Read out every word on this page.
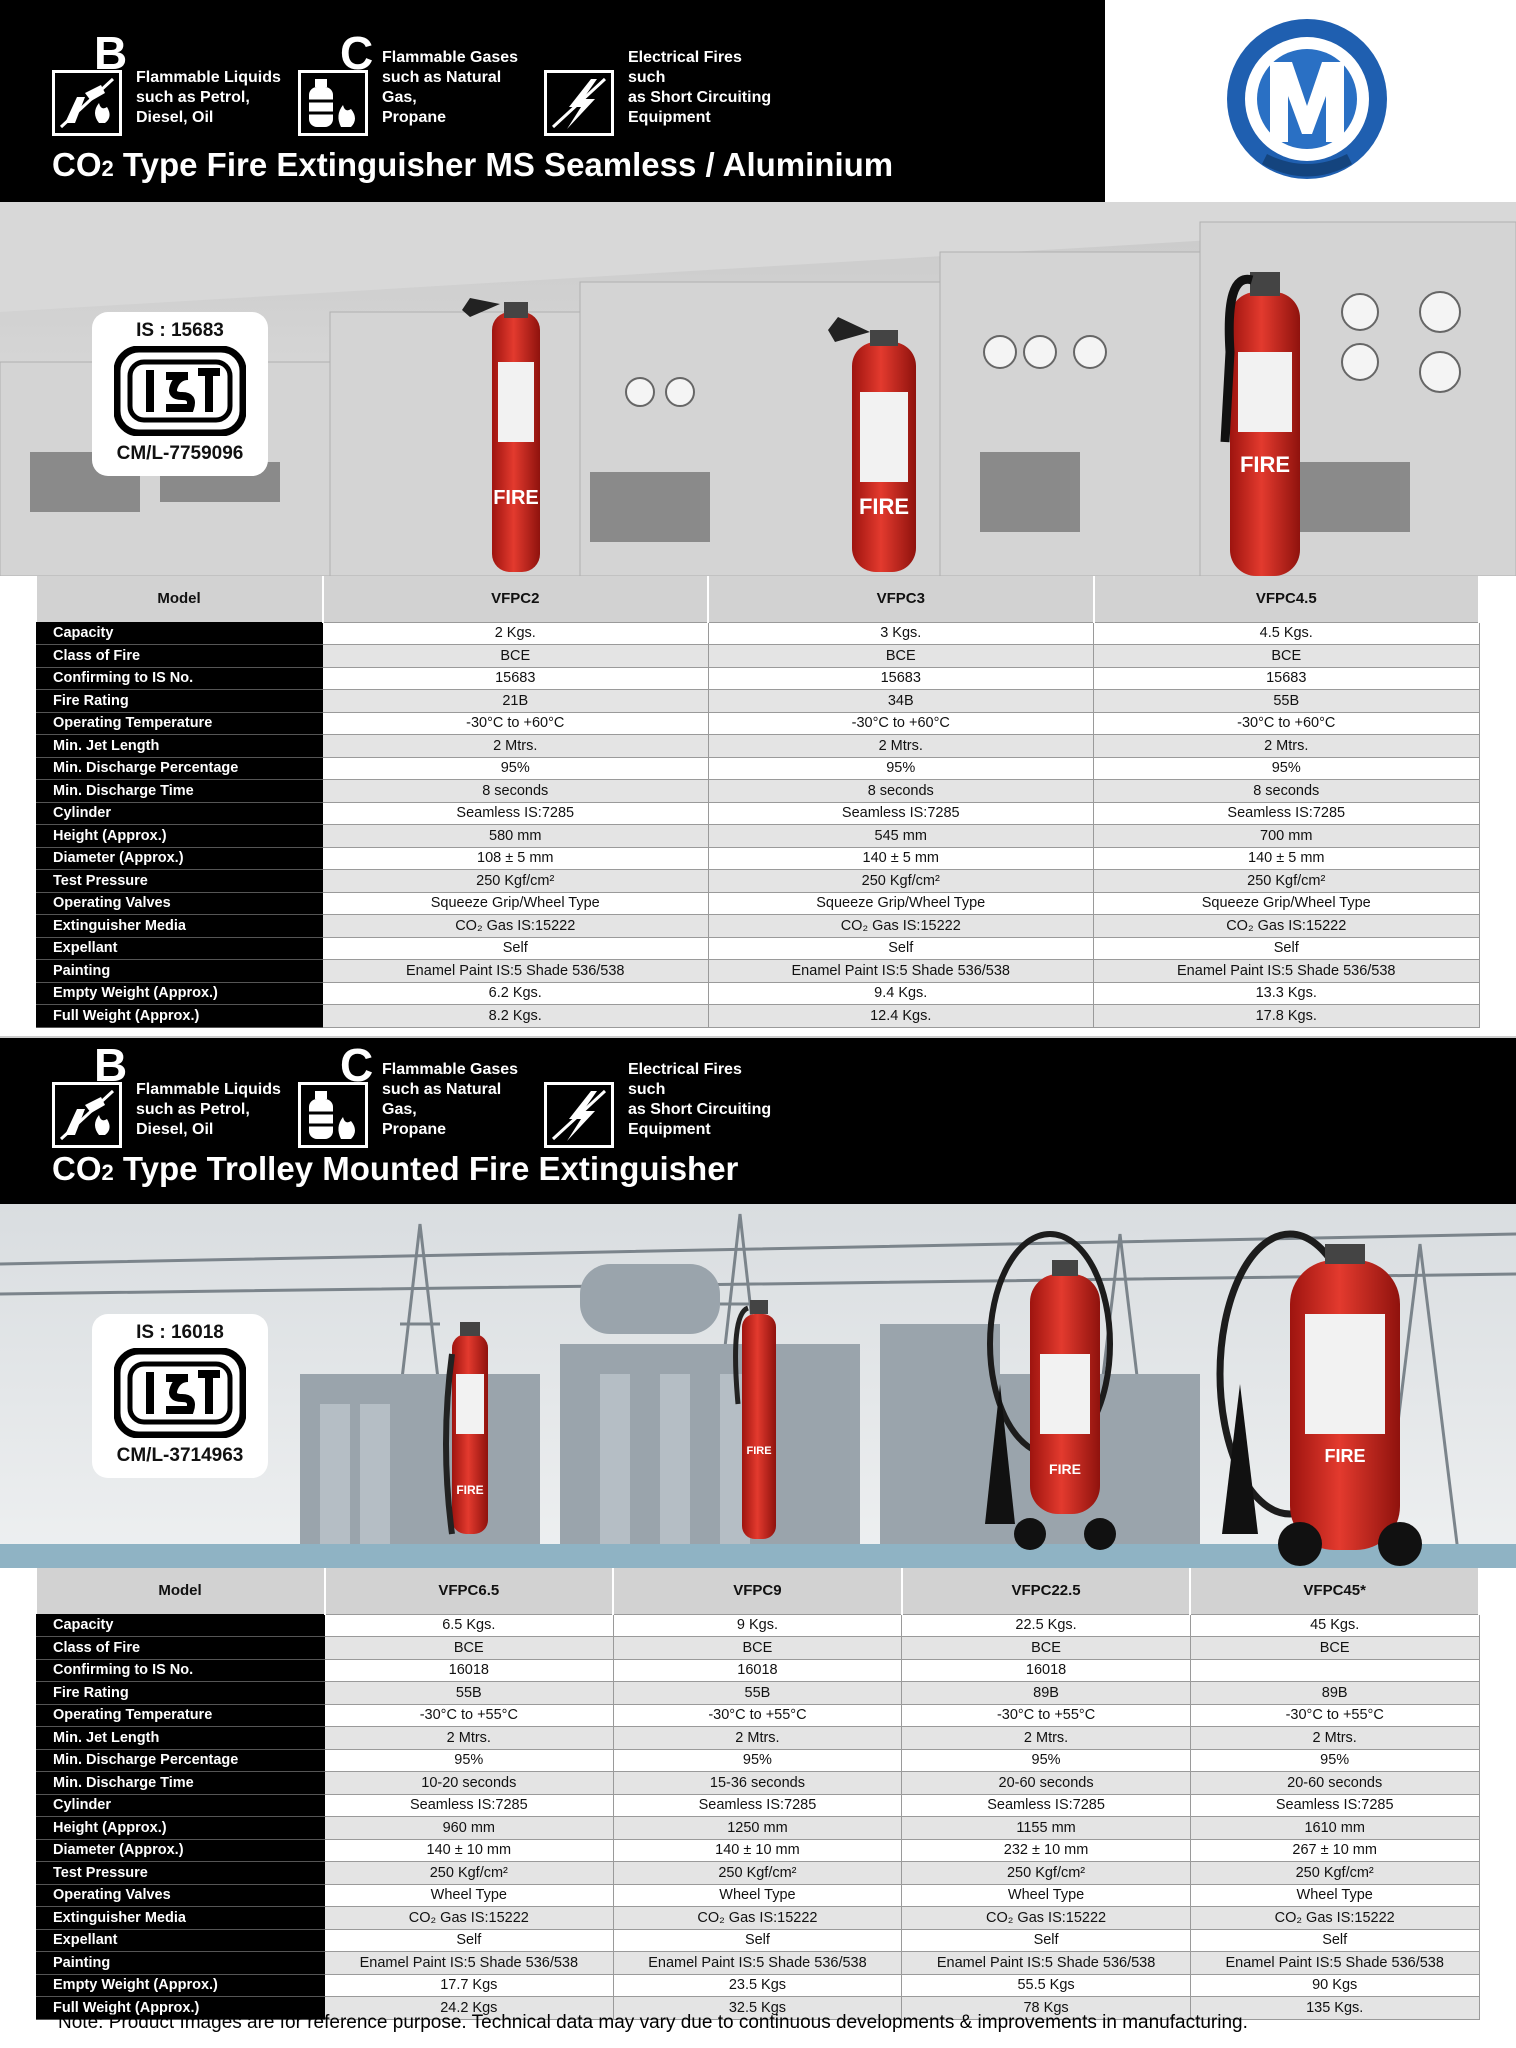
B Flammable Liquids
such as Petrol,
Diesel, Oil
C Flammable Gases
such as Natural Gas,
Propane
Electrical Fires such
as Short Circuiting
Equipment
CO2 Type Fire Extinguisher MS Seamless / Aluminium
FIRE	FIRE
FIRE
IS : 15683
CM/L-7759096
Model	VFPC2	VFPC3	VFPC4.5
Capacity	2 Kgs.	3 Kgs.	4.5 Kgs.
Class of Fire	BCE	BCE	BCE
Confirming to IS No.	15683	15683	15683
Fire Rating	21B	34B	55B
Operating Temperature	-30°C to +60°C	-30°C to +60°C	-30°C to +60°C
Min. Jet Length	2 Mtrs.	2 Mtrs.	2 Mtrs.
Min. Discharge Percentage	95%	95%	95%
Min. Discharge Time	8 seconds	8 seconds	8 seconds
Cylinder	Seamless IS:7285	Seamless IS:7285	Seamless IS:7285
Height (Approx.)	580 mm	545 mm	700 mm
Diameter (Approx.)	108 ± 5 mm	140 ± 5 mm	140 ± 5 mm
Test Pressure	250 Kgf/cm²	250 Kgf/cm²	250 Kgf/cm²
Operating Valves	Squeeze Grip/Wheel Type	Squeeze Grip/Wheel Type	Squeeze Grip/Wheel Type
Extinguisher Media	CO₂ Gas IS:15222	CO₂ Gas IS:15222	CO₂ Gas IS:15222
Expellant	Self	Self	Self
Painting	Enamel Paint IS:5 Shade 536/538	Enamel Paint IS:5 Shade 536/538	Enamel Paint IS:5 Shade 536/538
Empty Weight (Approx.)	6.2 Kgs.	9.4 Kgs.	13.3 Kgs.
Full Weight (Approx.)	8.2 Kgs.	12.4 Kgs.	17.8 Kgs.
B Flammable Liquids
such as Petrol,
Diesel, Oil
C Flammable Gases
such as Natural Gas,
Propane
Electrical Fires such
as Short Circuiting
Equipment
CO2 Type Trolley Mounted Fire Extinguisher
FIRE
FIRE
FIRE
FIRE
IS : 16018
CM/L-3714963
Model	VFPC6.5	VFPC9	VFPC22.5	VFPC45*
Capacity	6.5 Kgs.	9 Kgs.	22.5 Kgs.	45 Kgs.
Class of Fire	BCE	BCE	BCE	BCE
Confirming to IS No.	16018	16018	16018	
Fire Rating	55B	55B	89B	89B
Operating Temperature	-30°C to +55°C	-30°C to +55°C	-30°C to +55°C	-30°C to +55°C
Min. Jet Length	2 Mtrs.	2 Mtrs.	2 Mtrs.	2 Mtrs.
Min. Discharge Percentage	95%	95%	95%	95%
Min. Discharge Time	10-20 seconds	15-36 seconds	20-60 seconds	20-60 seconds
Cylinder	Seamless IS:7285	Seamless IS:7285	Seamless IS:7285	Seamless IS:7285
Height (Approx.)	960 mm	1250 mm	1155 mm	1610 mm
Diameter (Approx.)	140 ± 10 mm	140 ± 10 mm	232 ± 10 mm	267 ± 10 mm
Test Pressure	250 Kgf/cm²	250 Kgf/cm²	250 Kgf/cm²	250 Kgf/cm²
Operating Valves	Wheel Type	Wheel Type	Wheel Type	Wheel Type
Extinguisher Media	CO₂ Gas IS:15222	CO₂ Gas IS:15222	CO₂ Gas IS:15222	CO₂ Gas IS:15222
Expellant	Self	Self	Self	Self
Painting	Enamel Paint IS:5 Shade 536/538	Enamel Paint IS:5 Shade 536/538	Enamel Paint IS:5 Shade 536/538	Enamel Paint IS:5 Shade 536/538
Empty Weight (Approx.)	17.7 Kgs	23.5 Kgs	55.5 Kgs	90 Kgs
Full Weight (Approx.)	24.2 Kgs	32.5 Kgs	78 Kgs	135 Kgs.
Note: Product Images are for reference purpose. Technical data may vary due to continuous developments & improvements in manufacturing.
